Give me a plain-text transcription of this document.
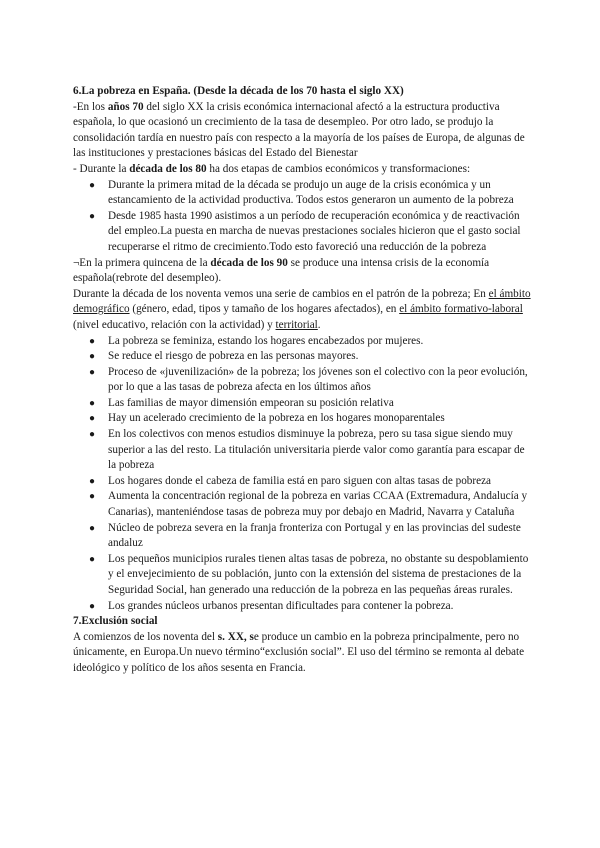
6.La pobreza en España. (Desde la década de los 70 hasta el siglo XX)

-En los años 70 del siglo XX la crisis económica internacional afectó a la estructura productiva española, lo que ocasionó un crecimiento de la tasa de desempleo. Por otro lado, se produjo la consolidación tardía en nuestro país con respecto a la mayoría de los países de Europa, de algunas de las instituciones y prestaciones básicas del Estado del Bienestar

- Durante la década de los 80 ha dos etapas de cambios económicos y transformaciones:

● Durante la primera mitad de la década se produjo un auge de la crisis económica y un estancamiento de la actividad productiva. Todos estos generaron un aumento de la pobreza
● Desde 1985 hasta 1990 asistimos a un período de recuperación económica y de reactivación del empleo.La puesta en marcha de nuevas prestaciones sociales hicieron que el gasto social recuperarse el ritmo de crecimiento.Todo esto favoreció una reducción de la pobreza

¬En la primera quincena de la década de los 90 se produce una intensa crisis de la economía española(rebrote del desempleo).

Durante la década de los noventa vemos una serie de cambios en el patrón de la pobreza; En el ámbito demográfico (género, edad, tipos y tamaño de los hogares afectados), en el ámbito formativo-laboral (nivel educativo, relación con la actividad) y territorial.

● La pobreza se feminiza, estando los hogares encabezados por mujeres.
● Se reduce el riesgo de pobreza en las personas mayores.
● Proceso de «juvenilización» de la pobreza; los jóvenes son el colectivo con la peor evolución, por lo que a las tasas de pobreza afecta en los últimos años
● Las familias de mayor dimensión empeoran su posición relativa
● Hay un acelerado crecimiento de la pobreza en los hogares monoparentales
● En los colectivos con menos estudios disminuye la pobreza, pero su tasa sigue siendo muy superior a las del resto. La titulación universitaria pierde valor como garantía para escapar de la pobreza
● Los hogares donde el cabeza de familia está en paro siguen con altas tasas de pobreza
● Aumenta la concentración regional de la pobreza en varias CCAA (Extremadura, Andalucía y Canarias), manteniéndose tasas de pobreza muy por debajo en Madrid, Navarra y Cataluña
● Núcleo de pobreza severa en la franja fronteriza con Portugal y en las provincias del sudeste andaluz
● Los pequeños municipios rurales tienen altas tasas de pobreza, no obstante su despoblamiento y el envejecimiento de su población, junto con la extensión del sistema de prestaciones de la Seguridad Social, han generado una reducción de la pobreza en las pequeñas áreas rurales.
● Los grandes núcleos urbanos presentan dificultades para contener la pobreza.

7.Exclusión social

A comienzos de los noventa del s. XX, se produce un cambio en la pobreza principalmente, pero no únicamente, en Europa.Un nuevo término“exclusión social”. El uso del término se remonta al debate ideológico y político de los años sesenta en Francia.
